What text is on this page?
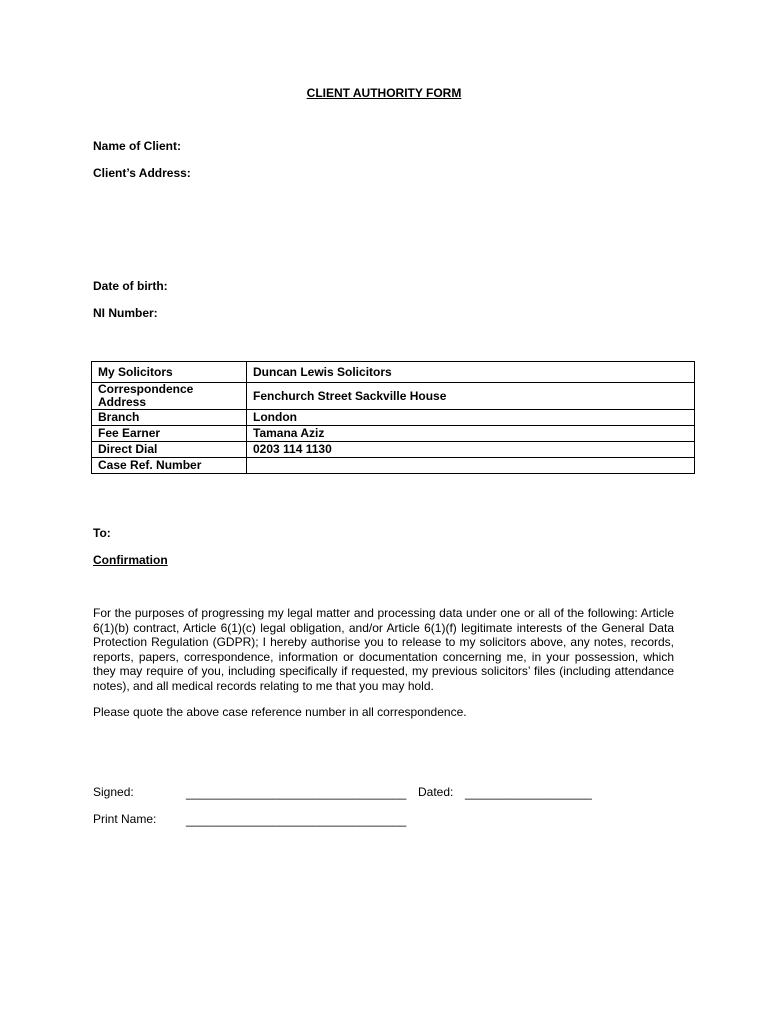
CLIENT AUTHORITY FORM
Name of Client:
Client’s Address:
Date of birth:
NI Number:
My Solicitors	Duncan Lewis Solicitors
Correspondence Address	Fenchurch Street Sackville House
Branch	London
Fee Earner	Tamana Aziz
Direct Dial	0203 114 1130
Case Ref. Number	
To:
Confirmation
For the purposes of progressing my legal matter and processing data under one or all of the following: Article 6(1)(b) contract, Article 6(1)(c) legal obligation, and/or Article 6(1)(f) legitimate interests of the General Data Protection Regulation (GDPR); I hereby authorise you to release to my solicitors above, any notes, records, reports, papers, correspondence, information or documentation concerning me, in your possession, which they may require of you, including specifically if requested, my previous solicitors’ files (including attendance notes), and all medical records relating to me that you may hold.
Please quote the above case reference number in all correspondence.
Signed:	_________________________________ Dated: ___________________
Print Name: _________________________________
